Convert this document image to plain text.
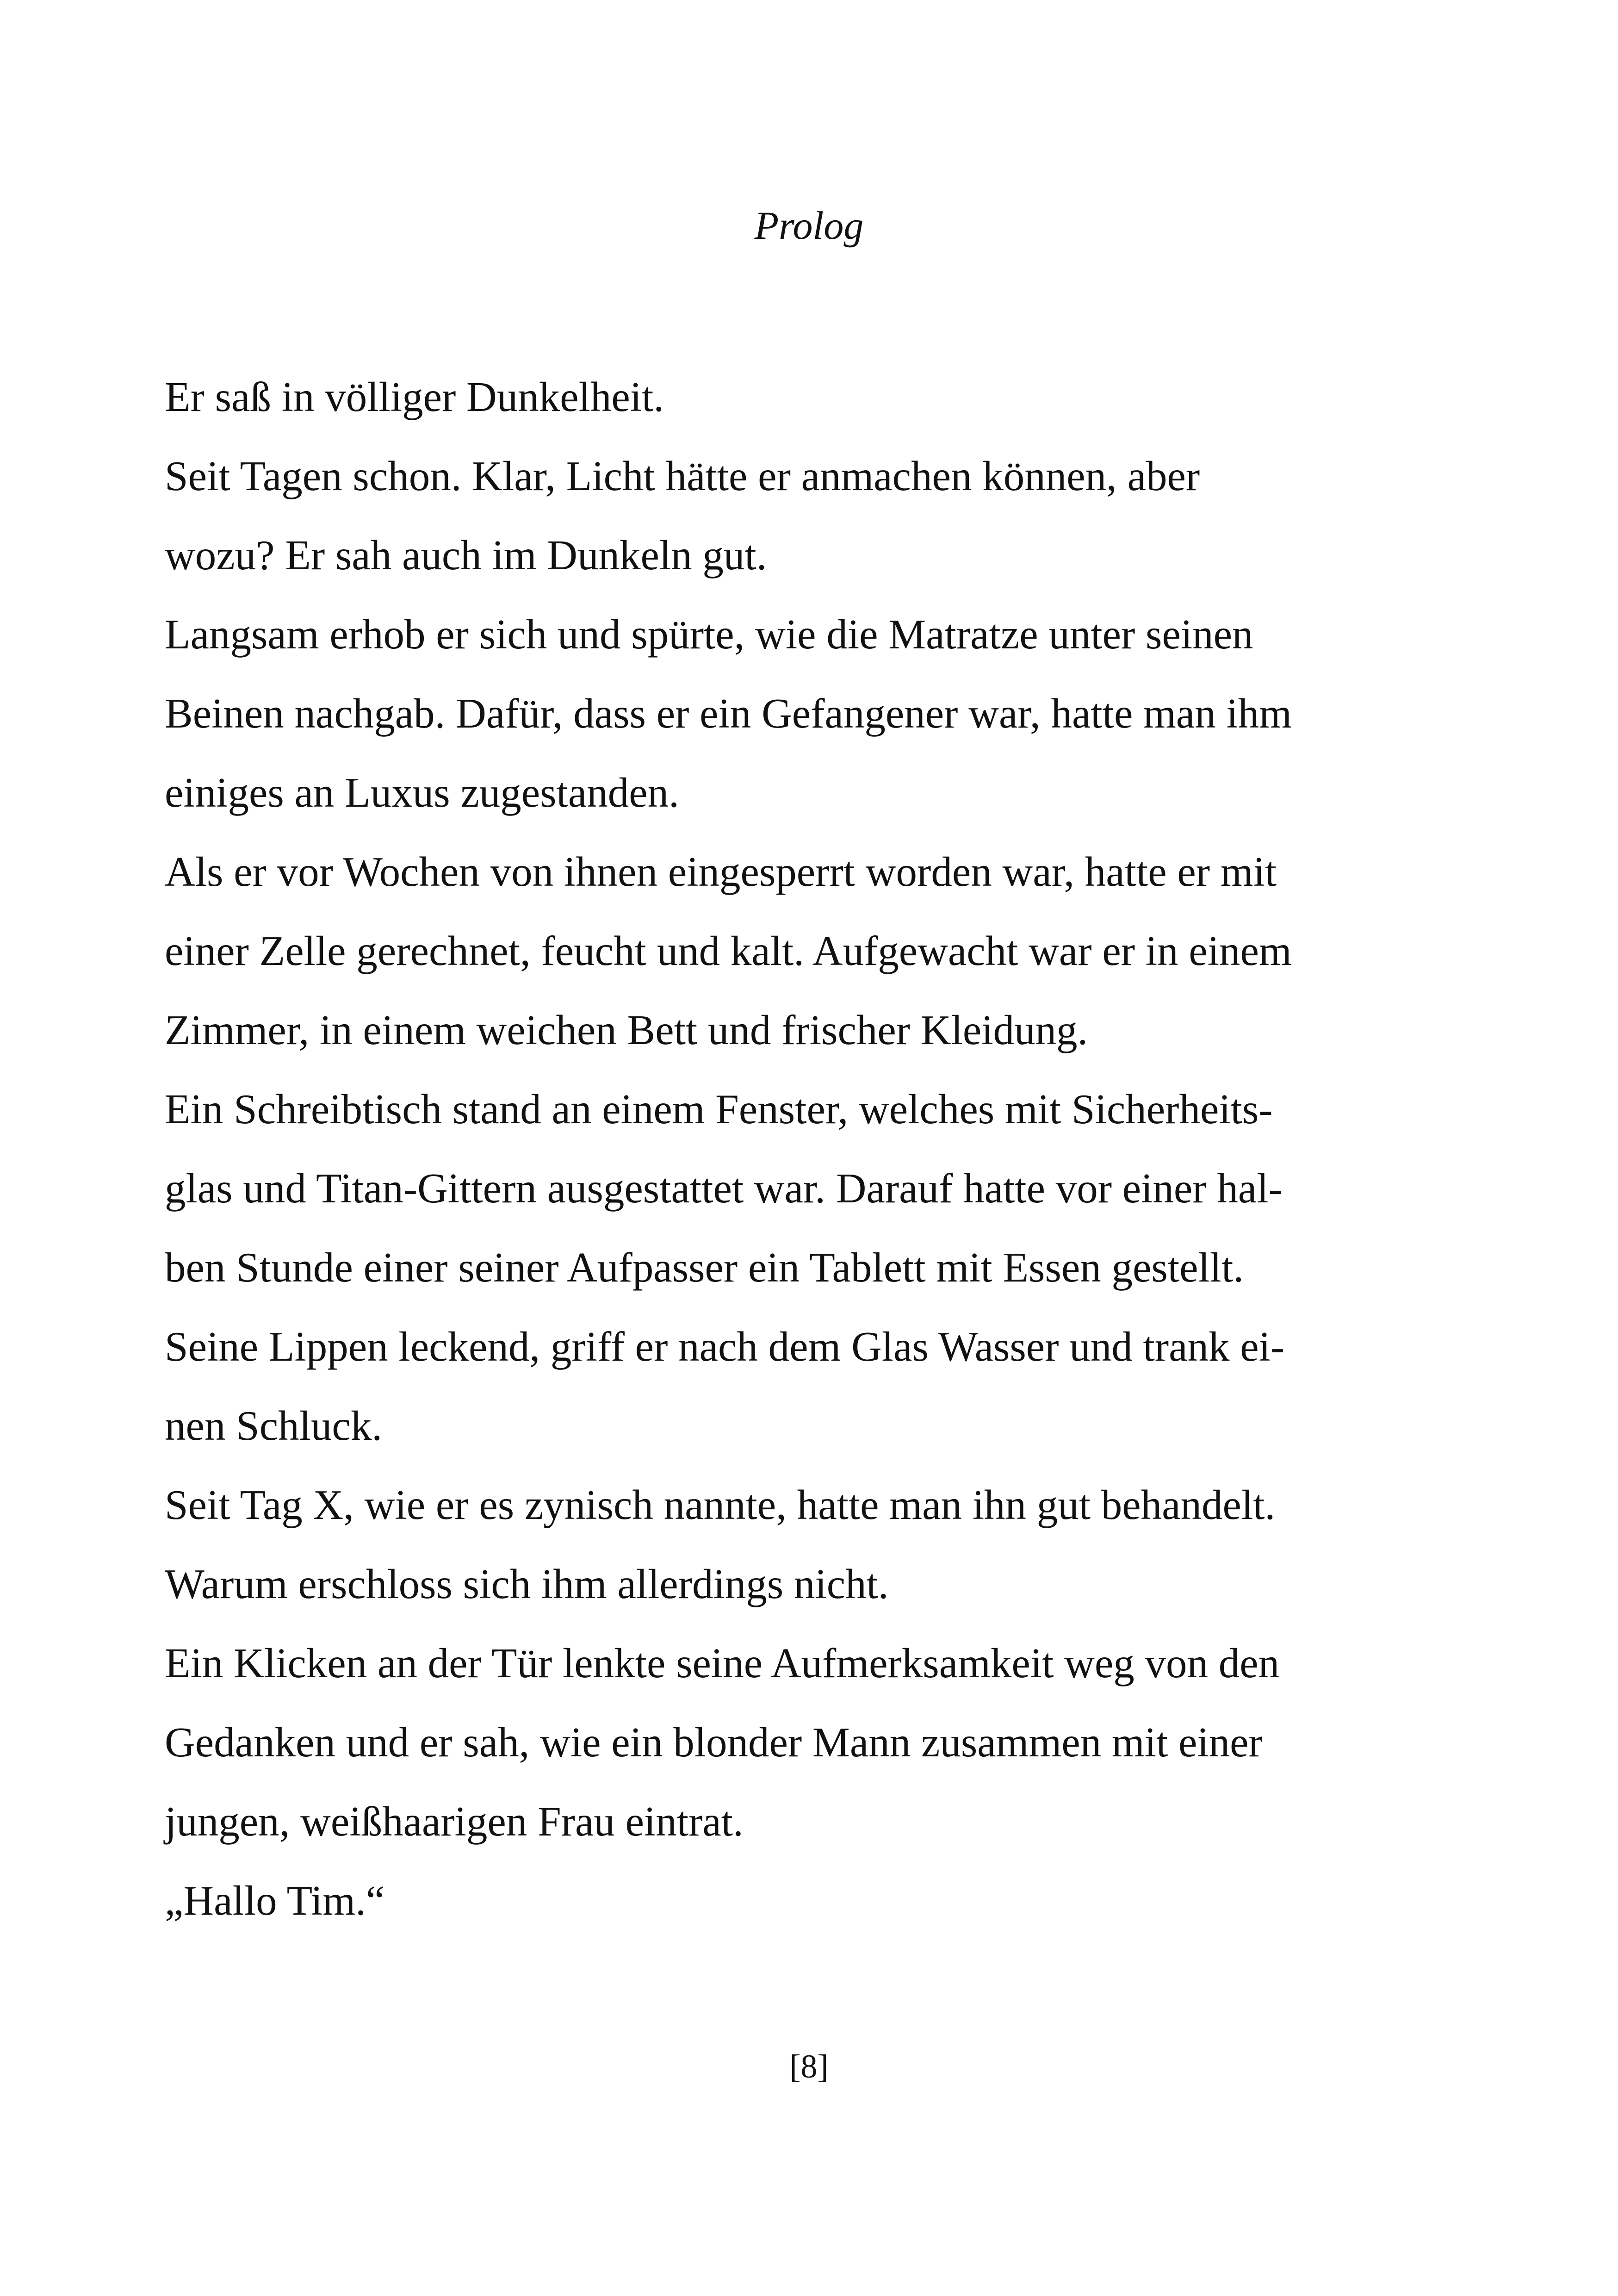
Prolog
Er saß in völliger Dunkelheit.
Seit Tagen schon. Klar, Licht hätte er anmachen können, aber
wozu? Er sah auch im Dunkeln gut.
Langsam erhob er sich und spürte, wie die Matratze unter seinen
Beinen nachgab. Dafür, dass er ein Gefangener war, hatte man ihm
einiges an Luxus zugestanden.
Als er vor Wochen von ihnen eingesperrt worden war, hatte er mit
einer Zelle gerechnet, feucht und kalt. Aufgewacht war er in einem
Zimmer, in einem weichen Bett und frischer Kleidung.
Ein Schreibtisch stand an einem Fenster, welches mit Sicherheits-
glas und Titan-Gittern ausgestattet war. Darauf hatte vor einer hal-
ben Stunde einer seiner Aufpasser ein Tablett mit Essen gestellt.
Seine Lippen leckend, griff er nach dem Glas Wasser und trank ei-
nen Schluck.
Seit Tag X, wie er es zynisch nannte, hatte man ihn gut behandelt.
Warum erschloss sich ihm allerdings nicht.
Ein Klicken an der Tür lenkte seine Aufmerksamkeit weg von den
Gedanken und er sah, wie ein blonder Mann zusammen mit einer
jungen, weißhaarigen Frau eintrat.
„Hallo Tim.“
[8]
